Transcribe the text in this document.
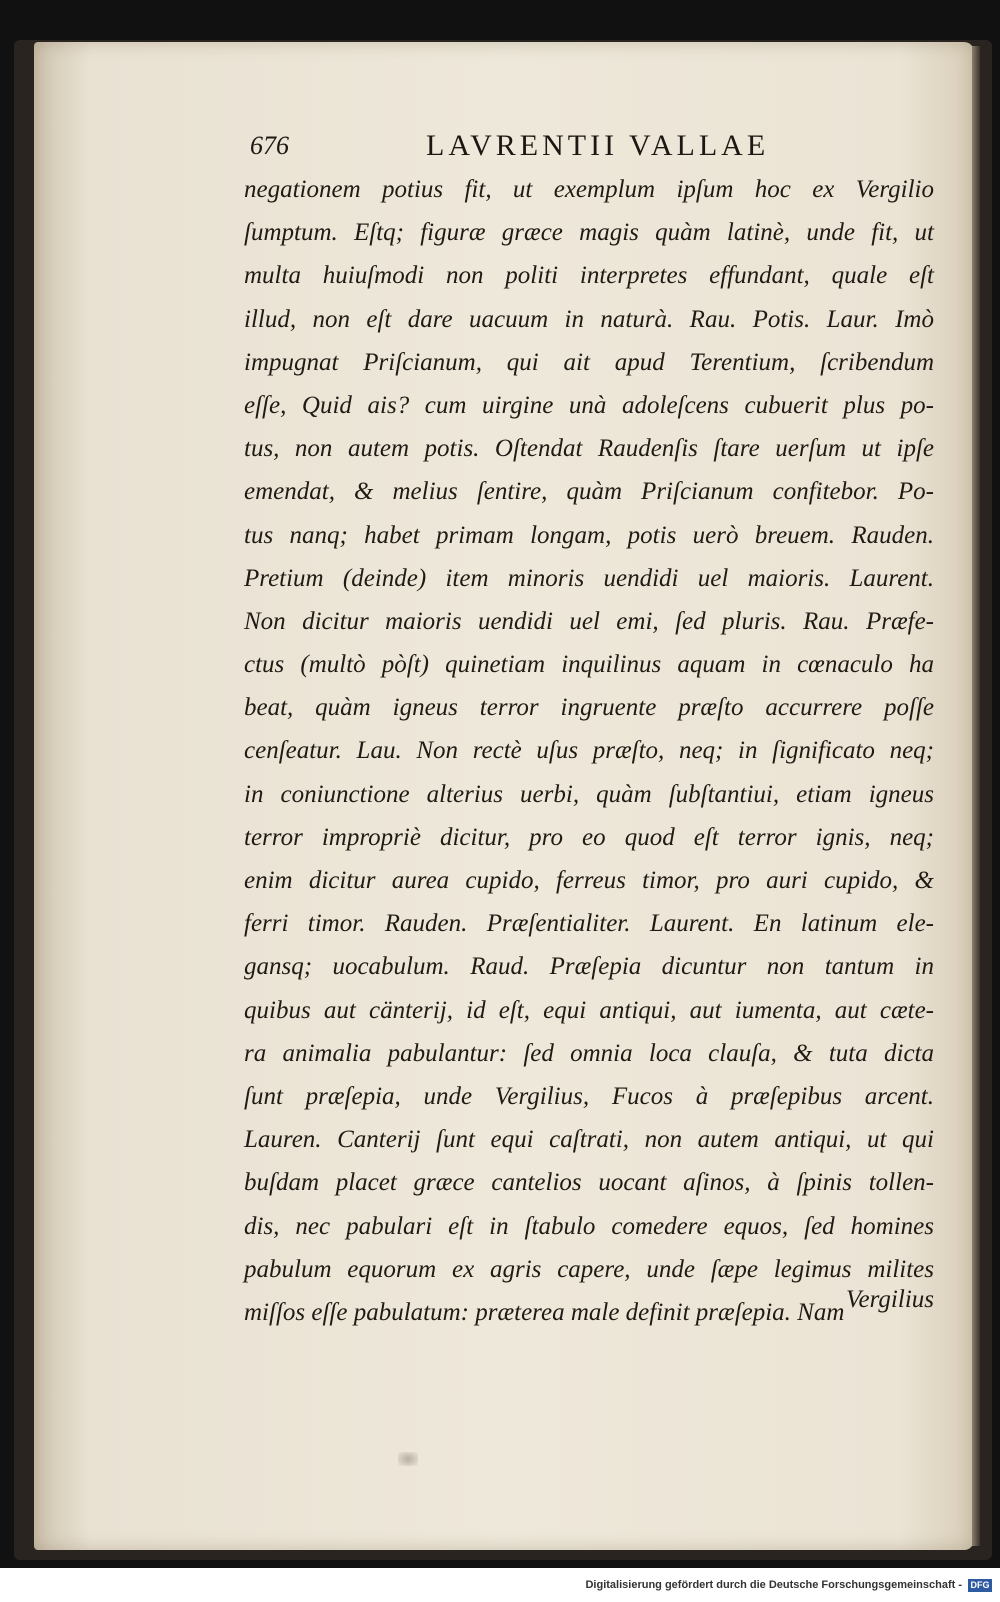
676	LAVRENTII VALLAE
negationem potius fit, ut exemplum ipſum hoc ex Vergilio
ſumptum. Eſtq; figuræ græce magis quàm latinè, unde fit, ut
multa huiuſmodi non politi interpretes effundant, quale eſt
illud, non eſt dare uacuum in naturà. Rau. Potis. Laur. Imò
impugnat Priſcianum, qui ait apud Terentium, ſcribendum
eſſe, Quid ais? cum uirgine unà adoleſcens cubuerit plus po-
tus, non autem potis. Oſtendat Raudenſis ſtare uerſum ut ipſe
emendat, & melius ſentire, quàm Priſcianum confitebor. Po-
tus nanq; habet primam longam, potis uerò breuem. Rauden.
Pretium (deinde) item minoris uendidi uel maioris. Laurent.
Non dicitur maioris uendidi uel emi, ſed pluris. Rau. Præfe-
ctus (multò pòſt) quinetiam inquilinus aquam in cœnaculo ha
beat, quàm igneus terror ingruente præſto accurrere poſſe
cenſeatur. Lau. Non rectè uſus præſto, neq; in ſignificato neq;
in coniunctione alterius uerbi, quàm ſubſtantiui, etiam igneus
terror impropriè dicitur, pro eo quod eſt terror ignis, neq;
enim dicitur aurea cupido, ferreus timor, pro auri cupido, &
ferri timor. Rauden. Præſentialiter. Laurent. En latinum ele-
gansq; uocabulum. Raud. Præſepia dicuntur non tantum in
quibus aut cänterij, id eſt, equi antiqui, aut iumenta, aut cæte-
ra animalia pabulantur: ſed omnia loca clauſa, & tuta dicta
ſunt præſepia, unde Vergilius, Fucos à præſepibus arcent.
Lauren. Canterij ſunt equi caſtrati, non autem antiqui, ut qui
buſdam placet græce cantelios uocant aſinos, à ſpinis tollen-
dis, nec pabulari eſt in ſtabulo comedere equos, ſed homines
pabulum equorum ex agris capere, unde ſæpe legimus milites
miſſos eſſe pabulatum: præterea male definit præſepia. Nam Vergilius
Digitalisierung gefördert durch die Deutsche Forschungsgemeinschaft - DFG
